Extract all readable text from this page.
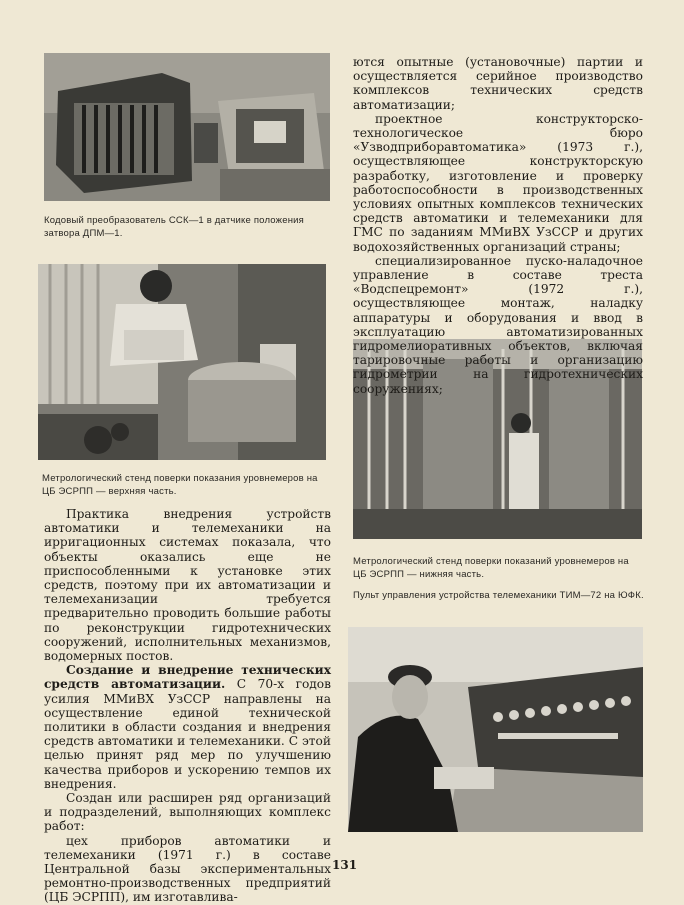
Кодовый преобразователь ССК—1 в датчике положения затвора ДПМ—1.
Метрологический стенд поверки показания уровнемеров на ЦБ ЭСРПП — верхняя часть.
Метрологический стенд поверки показаний уровнемеров на ЦБ ЭСРПП — нижняя часть.
Пульт управления устройства телемеханики ТИМ—72 на ЮФК.

Практика внедрения устройств автоматики и телемеханики на ирригационных системах показала, что объекты оказались еще не приспособленными к установке этих средств, поэтому при их автоматизации и телемеханизации требуется предварительно проводить большие работы по реконструкции гидротехнических сооружений, исполнительных механизмов, водомерных постов.

Создание и внедрение технических средств автоматизации. С 70-х годов усилия ММиВХ УзССР направлены на осуществление единой технической политики в области создания и внедрения средств автоматики и телемеханики. С этой целью принят ряд мер по улучшению качества приборов и ускорению темпов их внедрения.

Создан или расширен ряд организаций и подразделений, выполняющих комплекс работ:

цех приборов автоматики и телемеханики (1971 г.) в составе Центральной базы экспериментальных ремонтно-производственных предприятий (ЦБ ЭСРПП), им изготавлива-

ются опытные (установочные) партии и осуществляется серийное производство комплексов технических средств автоматизации;

проектное конструкторско-технологическое бюро «Узводприборавтоматика» (1973 г.), осуществляющее конструкторскую разработку, изготовление и проверку работоспособности в производственных условиях опытных комплексов технических средств автоматики и телемеханики для ГМС по заданиям ММиВХ УзССР и других водохозяйственных организаций страны;

специализированное пуско-наладочное управление в составе треста «Водспецремонт» (1972 г.), осуществляющее монтаж, наладку аппаратуры и оборудования и ввод в эксплуатацию автоматизированных гидромелиоративных объектов, включая тарировочные работы и организацию гидрометрии на гидротехнических сооружениях;

131
